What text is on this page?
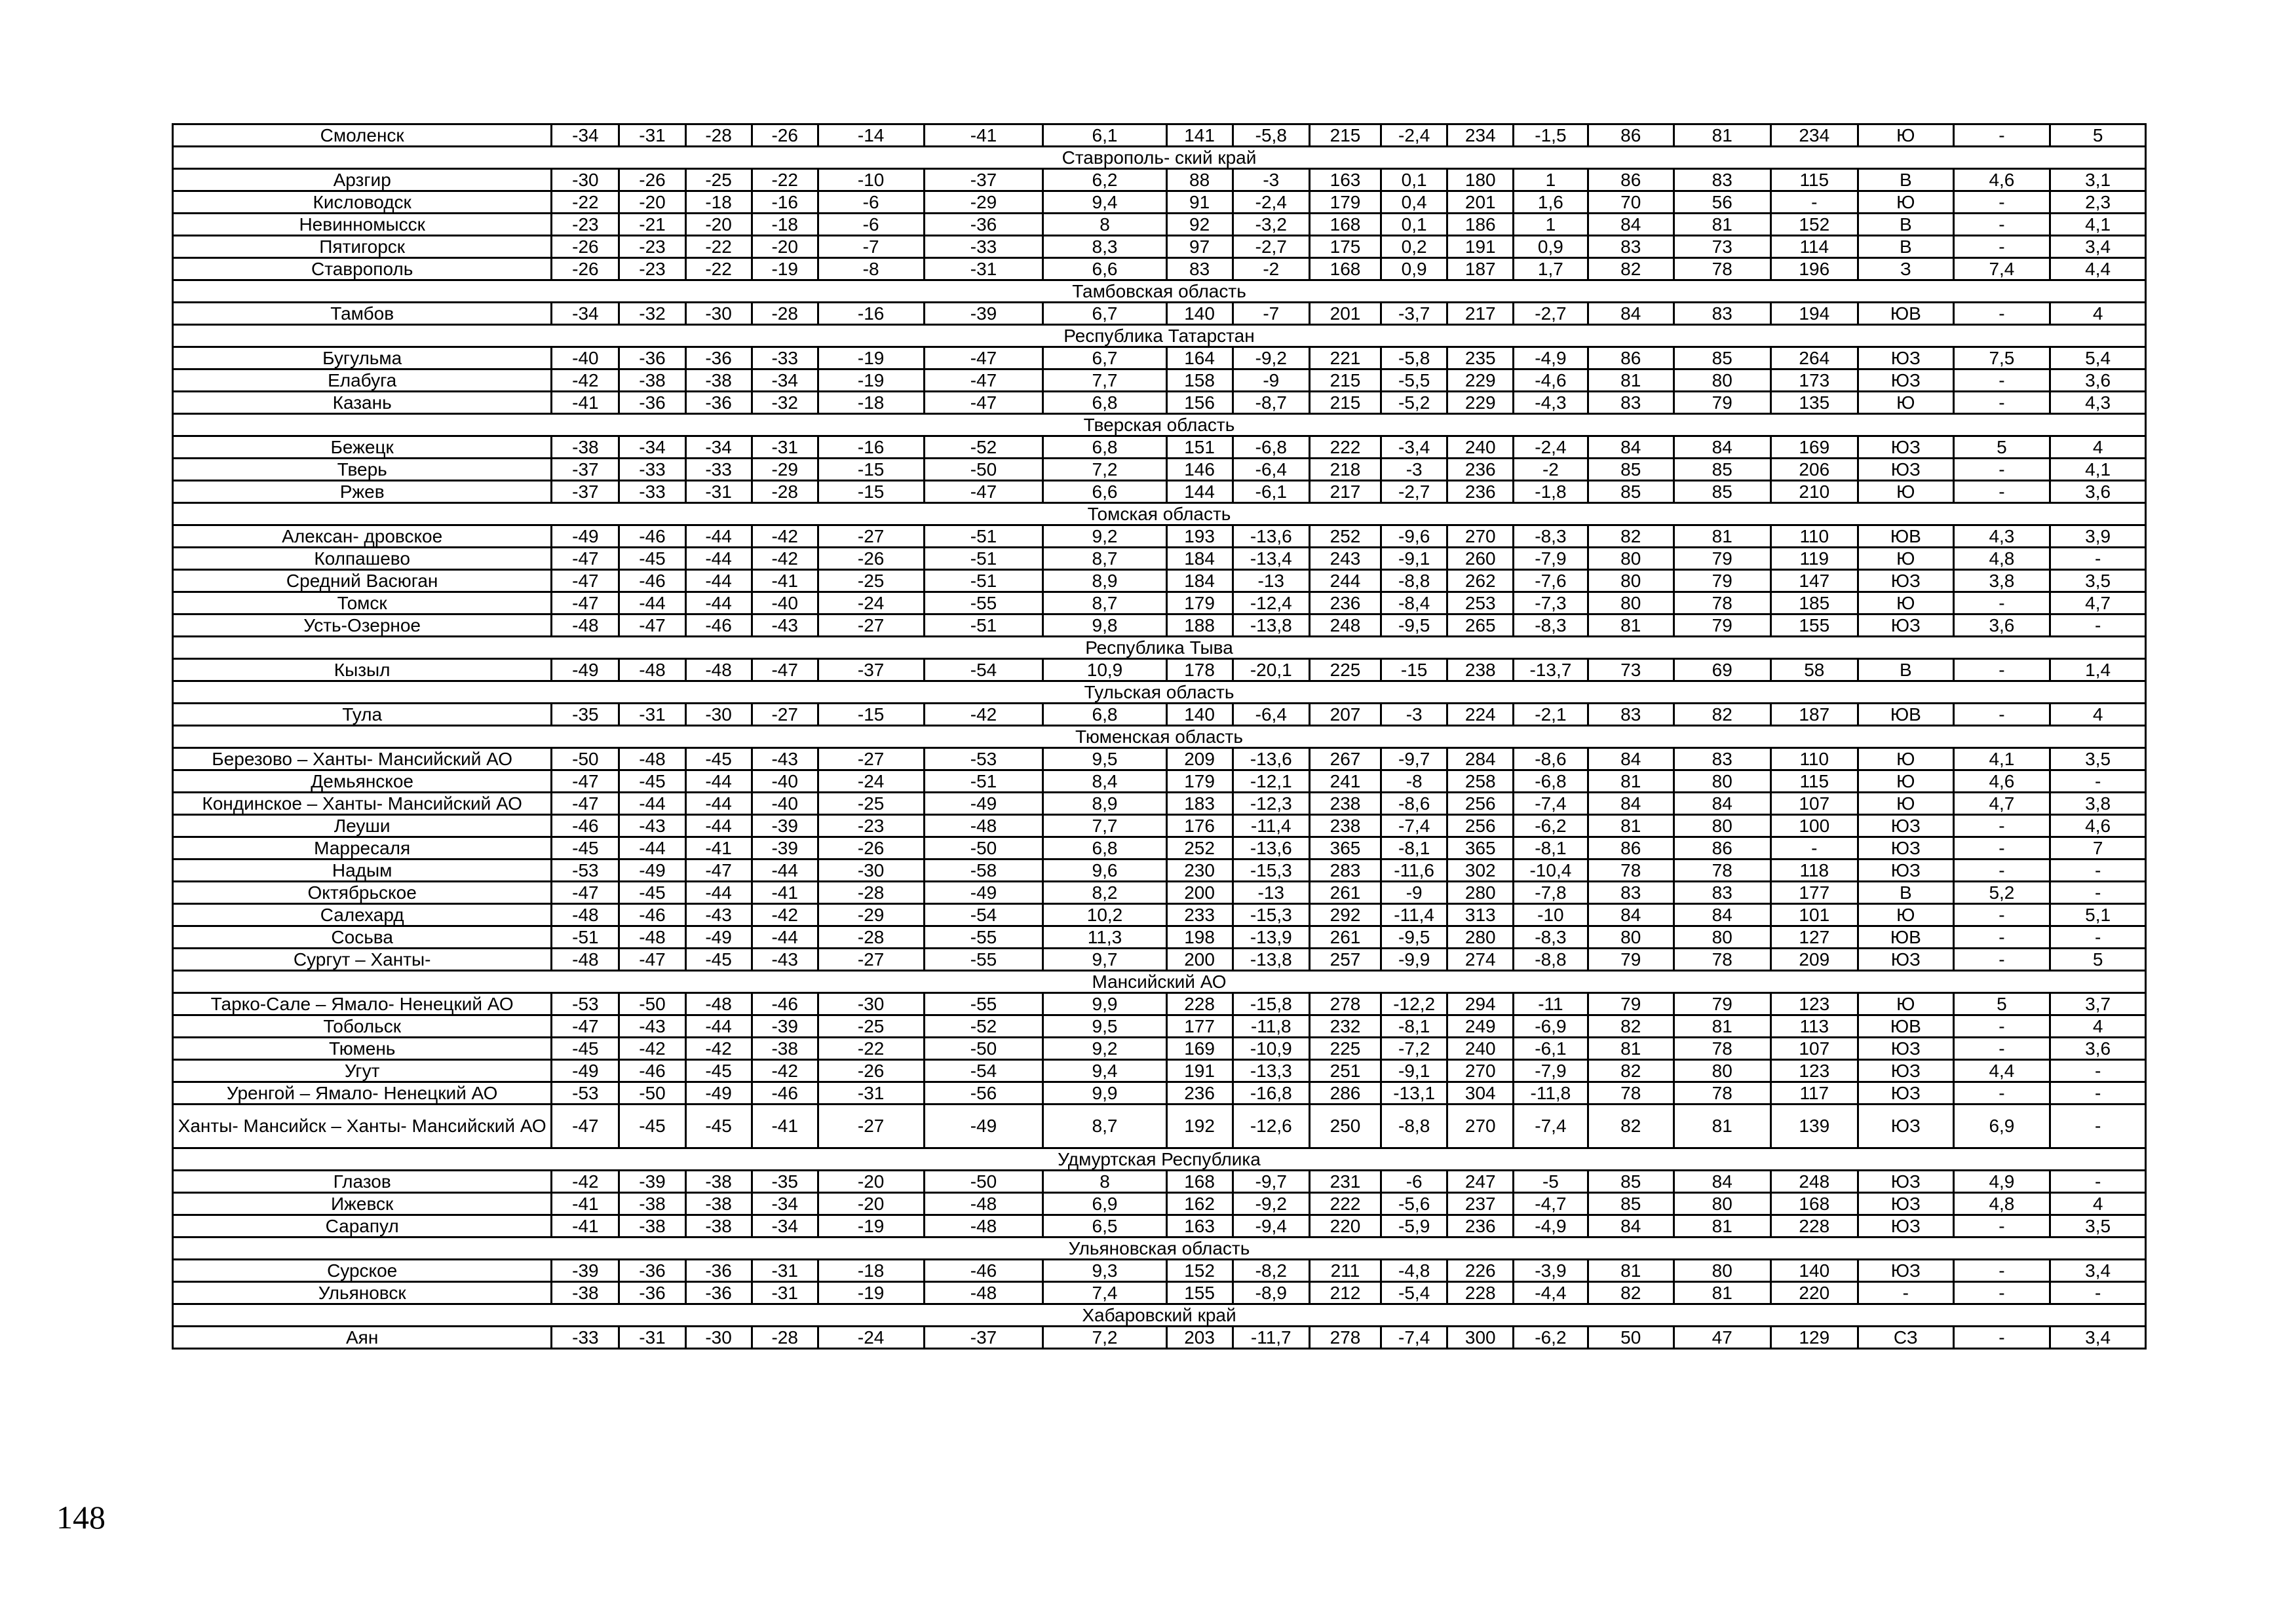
Смоленск	-34	-31	-28	-26	-14	-41	6,1	141	-5,8	215	-2,4	234	-1,5	86	81	234	Ю	-	5
Ставрополь- ский край																			
Арзгир	-30	-26	-25	-22	-10	-37	6,2	88	-3	163	0,1	180	1	86	83	115	В	4,6	3,1
Кисловодск	-22	-20	-18	-16	-6	-29	9,4	91	-2,4	179	0,4	201	1,6	70	56	-	Ю	-	2,3
Невинномысск	-23	-21	-20	-18	-6	-36	8	92	-3,2	168	0,1	186	1	84	81	152	В	-	4,1
Пятигорск	-26	-23	-22	-20	-7	-33	8,3	97	-2,7	175	0,2	191	0,9	83	73	114	В	-	3,4
Ставрополь	-26	-23	-22	-19	-8	-31	6,6	83	-2	168	0,9	187	1,7	82	78	196	З	7,4	4,4
Тамбовская область																			
Тамбов	-34	-32	-30	-28	-16	-39	6,7	140	-7	201	-3,7	217	-2,7	84	83	194	ЮВ	-	4
Республика Татарстан																			
Бугульма	-40	-36	-36	-33	-19	-47	6,7	164	-9,2	221	-5,8	235	-4,9	86	85	264	ЮЗ	7,5	5,4
Елабуга	-42	-38	-38	-34	-19	-47	7,7	158	-9	215	-5,5	229	-4,6	81	80	173	ЮЗ	-	3,6
Казань	-41	-36	-36	-32	-18	-47	6,8	156	-8,7	215	-5,2	229	-4,3	83	79	135	Ю	-	4,3
Тверская область																			
Бежецк	-38	-34	-34	-31	-16	-52	6,8	151	-6,8	222	-3,4	240	-2,4	84	84	169	ЮЗ	5	4
Тверь	-37	-33	-33	-29	-15	-50	7,2	146	-6,4	218	-3	236	-2	85	85	206	ЮЗ	-	4,1
Ржев	-37	-33	-31	-28	-15	-47	6,6	144	-6,1	217	-2,7	236	-1,8	85	85	210	Ю	-	3,6
Томская область																			
Алексан- дровское	-49	-46	-44	-42	-27	-51	9,2	193	-13,6	252	-9,6	270	-8,3	82	81	110	ЮВ	4,3	3,9
Колпашево	-47	-45	-44	-42	-26	-51	8,7	184	-13,4	243	-9,1	260	-7,9	80	79	119	Ю	4,8	-
Средний Васюган	-47	-46	-44	-41	-25	-51	8,9	184	-13	244	-8,8	262	-7,6	80	79	147	ЮЗ	3,8	3,5
Томск	-47	-44	-44	-40	-24	-55	8,7	179	-12,4	236	-8,4	253	-7,3	80	78	185	Ю	-	4,7
Усть-Озерное	-48	-47	-46	-43	-27	-51	9,8	188	-13,8	248	-9,5	265	-8,3	81	79	155	ЮЗ	3,6	-
Республика Тыва																			
Кызыл	-49	-48	-48	-47	-37	-54	10,9	178	-20,1	225	-15	238	-13,7	73	69	58	В	-	1,4
Тульская область																			
Тула	-35	-31	-30	-27	-15	-42	6,8	140	-6,4	207	-3	224	-2,1	83	82	187	ЮВ	-	4
Тюменская область																			
Березово – Ханты- Мансийский АО	-50	-48	-45	-43	-27	-53	9,5	209	-13,6	267	-9,7	284	-8,6	84	83	110	Ю	4,1	3,5
Демьянское	-47	-45	-44	-40	-24	-51	8,4	179	-12,1	241	-8	258	-6,8	81	80	115	Ю	4,6	-
Кондинское – Ханты- Мансийский АО	-47	-44	-44	-40	-25	-49	8,9	183	-12,3	238	-8,6	256	-7,4	84	84	107	Ю	4,7	3,8
Леуши	-46	-43	-44	-39	-23	-48	7,7	176	-11,4	238	-7,4	256	-6,2	81	80	100	ЮЗ	-	4,6
Марресаля	-45	-44	-41	-39	-26	-50	6,8	252	-13,6	365	-8,1	365	-8,1	86	86	-	ЮЗ	-	7
Надым	-53	-49	-47	-44	-30	-58	9,6	230	-15,3	283	-11,6	302	-10,4	78	78	118	ЮЗ	-	-
Октябрьское	-47	-45	-44	-41	-28	-49	8,2	200	-13	261	-9	280	-7,8	83	83	177	В	5,2	-
Салехард	-48	-46	-43	-42	-29	-54	10,2	233	-15,3	292	-11,4	313	-10	84	84	101	Ю	-	5,1
Сосьва	-51	-48	-49	-44	-28	-55	11,3	198	-13,9	261	-9,5	280	-8,3	80	80	127	ЮВ	-	-
Сургут – Ханты-	-48	-47	-45	-43	-27	-55	9,7	200	-13,8	257	-9,9	274	-8,8	79	78	209	ЮЗ	-	5
Мансийский АО																			
Тарко-Сале – Ямало- Ненецкий АО	-53	-50	-48	-46	-30	-55	9,9	228	-15,8	278	-12,2	294	-11	79	79	123	Ю	5	3,7
Тобольск	-47	-43	-44	-39	-25	-52	9,5	177	-11,8	232	-8,1	249	-6,9	82	81	113	ЮВ	-	4
Тюмень	-45	-42	-42	-38	-22	-50	9,2	169	-10,9	225	-7,2	240	-6,1	81	78	107	ЮЗ	-	3,6
Угут	-49	-46	-45	-42	-26	-54	9,4	191	-13,3	251	-9,1	270	-7,9	82	80	123	ЮЗ	4,4	-
Уренгой – Ямало- Ненецкий АО	-53	-50	-49	-46	-31	-56	9,9	236	-16,8	286	-13,1	304	-11,8	78	78	117	ЮЗ	-	-
Ханты- Мансийск – Ханты- Мансийский АО	-47	-45	-45	-41	-27	-49	8,7	192	-12,6	250	-8,8	270	-7,4	82	81	139	ЮЗ	6,9	-
Удмуртская Республика																			
Глазов	-42	-39	-38	-35	-20	-50	8	168	-9,7	231	-6	247	-5	85	84	248	ЮЗ	4,9	-
Ижевск	-41	-38	-38	-34	-20	-48	6,9	162	-9,2	222	-5,6	237	-4,7	85	80	168	ЮЗ	4,8	4
Сарапул	-41	-38	-38	-34	-19	-48	6,5	163	-9,4	220	-5,9	236	-4,9	84	81	228	ЮЗ	-	3,5
Ульяновская область																			
Сурское	-39	-36	-36	-31	-18	-46	9,3	152	-8,2	211	-4,8	226	-3,9	81	80	140	ЮЗ	-	3,4
Ульяновск	-38	-36	-36	-31	-19	-48	7,4	155	-8,9	212	-5,4	228	-4,4	82	81	220	-	-	-
Хабаровский край																			
Аян	-33	-31	-30	-28	-24	-37	7,2	203	-11,7	278	-7,4	300	-6,2	50	47	129	СЗ	-	3,4
148
